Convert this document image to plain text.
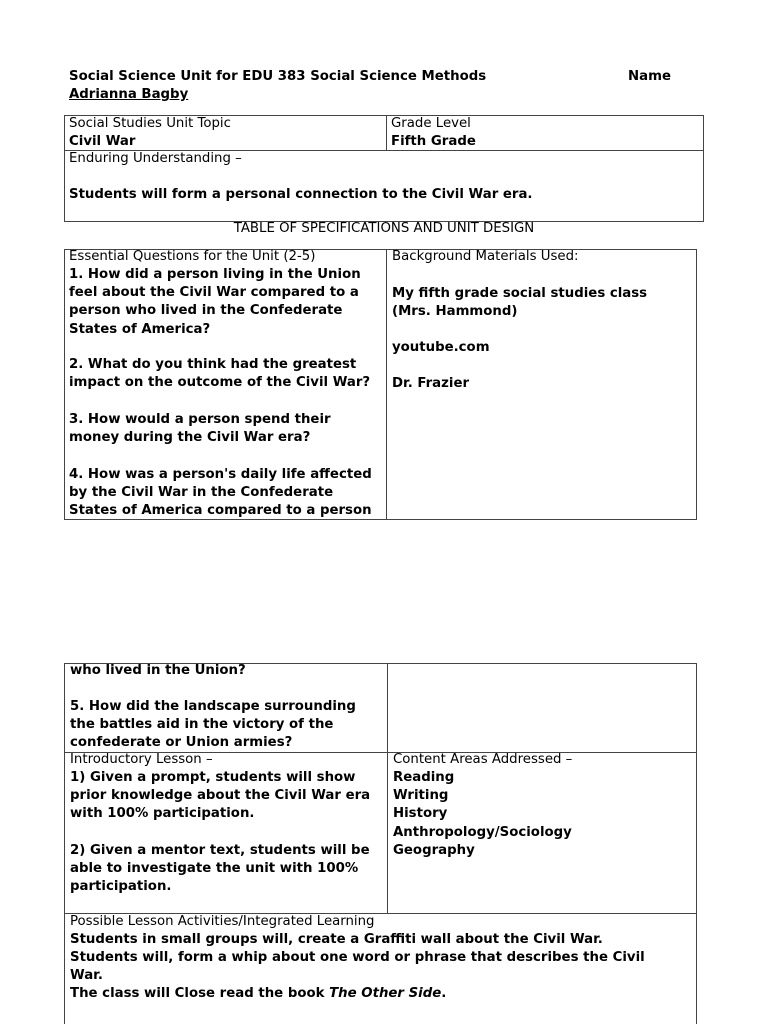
Social Science Unit for EDU 383 Social Science Methods	Name
Adrianna Bagby
Social Studies Unit Topic
Civil War
Grade Level
Fifth Grade
Enduring Understanding –
Students will form a personal connection to the Civil War era.
TABLE OF SPECIFICATIONS AND UNIT DESIGN
Essential Questions for the Unit (2-5)
1. How did a person living in the Union
feel about the Civil War compared to a
person who lived in the Confederate
States of America?
2. What do you think had the greatest
impact on the outcome of the Civil War?
3. How would a person spend their
money during the Civil War era?
4. How was a person's daily life affected
by the Civil War in the Confederate
States of America compared to a person
Background Materials Used:
My fifth grade social studies class
(Mrs. Hammond)
youtube.com
Dr. Frazier
who lived in the Union?
5. How did the landscape surrounding
the battles aid in the victory of the
confederate or Union armies?
Introductory Lesson –
1) Given a prompt, students will show
prior knowledge about the Civil War era
with 100% participation.
2) Given a mentor text, students will be
able to investigate the unit with 100%
participation.
Content Areas Addressed –
Reading
Writing
History
Anthropology/Sociology
Geography
Possible Lesson Activities/Integrated Learning
Students in small groups will, create a Graffiti wall about the Civil War.
Students will, form a whip about one word or phrase that describes the Civil
War.
The class will Close read the book The Other Side.
